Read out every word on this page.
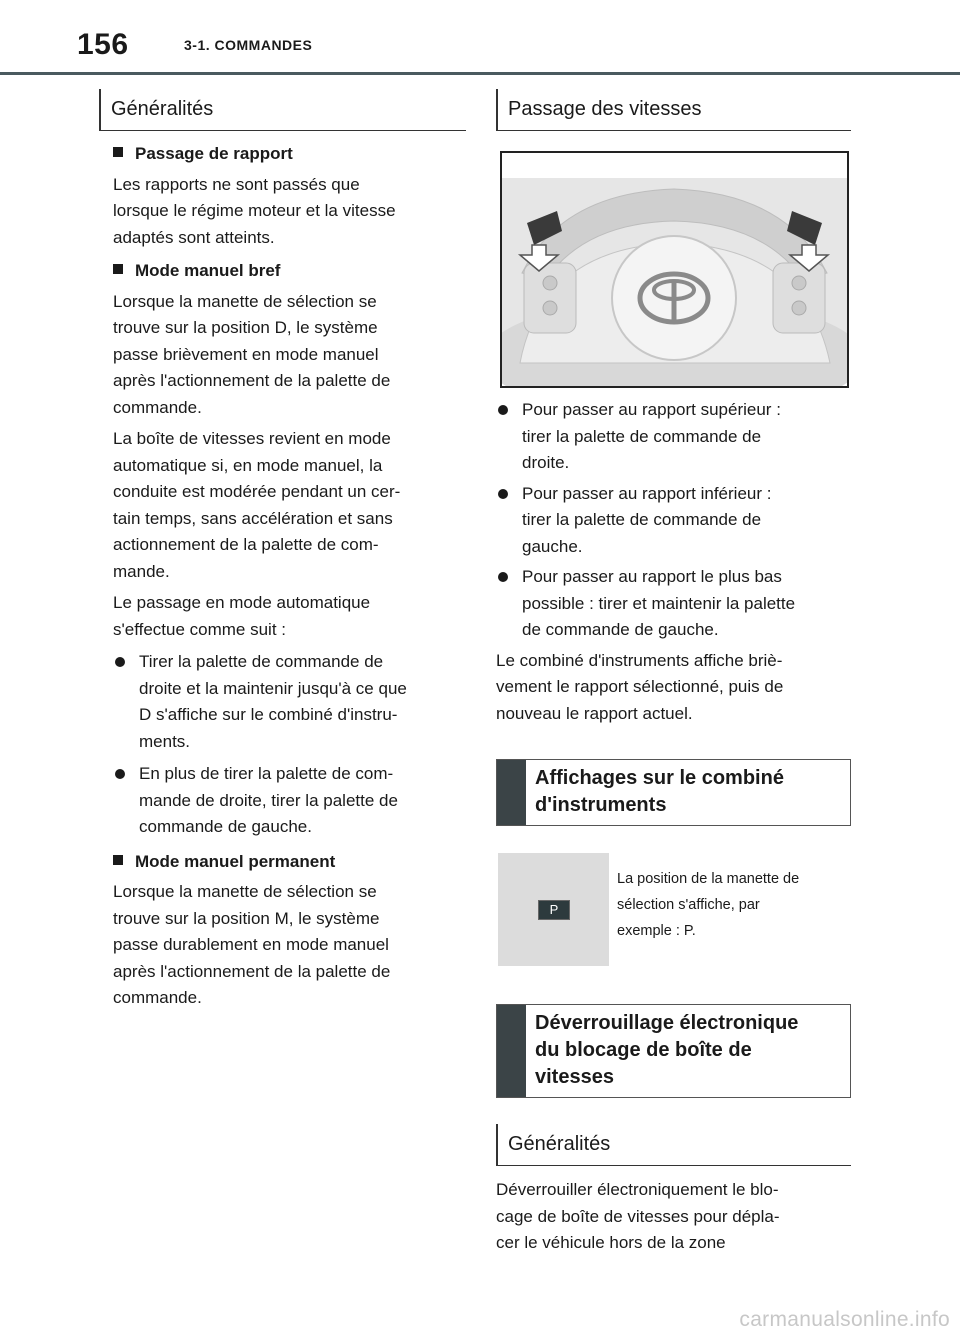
156	3-1. COMMANDES
Généralités
Passage de rapport

Les rapports ne sont passés que

lorsque le régime moteur et la vitesse

adaptés sont atteints.

Mode manuel bref

Lorsque la manette de sélection se

trouve sur la position D, le système

passe brièvement en mode manuel

après l'actionnement de la palette de

commande.

La boîte de vitesses revient en mode

automatique si, en mode manuel, la

conduite est modérée pendant un cer-

tain temps, sans accélération et sans

actionnement de la palette de com-

mande.

Le passage en mode automatique

s'effectue comme suit :

Tirer la palette de commande de

droite et la maintenir jusqu'à ce que

D s'affiche sur le combiné d'instru-

ments.

En plus de tirer la palette de com-

mande de droite, tirer la palette de

commande de gauche.

Mode manuel permanent

Lorsque la manette de sélection se

trouve sur la position M, le système

passe durablement en mode manuel

après l'actionnement de la palette de

commande.

Passage des vitesses

Pour passer au rapport supérieur :

tirer la palette de commande de

droite.

Pour passer au rapport inférieur :

tirer la palette de commande de

gauche.

Pour passer au rapport le plus bas

possible : tirer et maintenir la palette

de commande de gauche.

Le combiné d'instruments affiche briè-

vement le rapport sélectionné, puis de

nouveau le rapport actuel.

Affichages sur le combiné
d'instruments
P
La position de la manette de
sélection s'affiche, par
exemple : P.
Déverrouillage électronique
du blocage de boîte de
vitesses
Généralités

Déverrouiller électroniquement le blo-

cage de boîte de vitesses pour dépla-

cer le véhicule hors de la zone

carmanualsonline.info
